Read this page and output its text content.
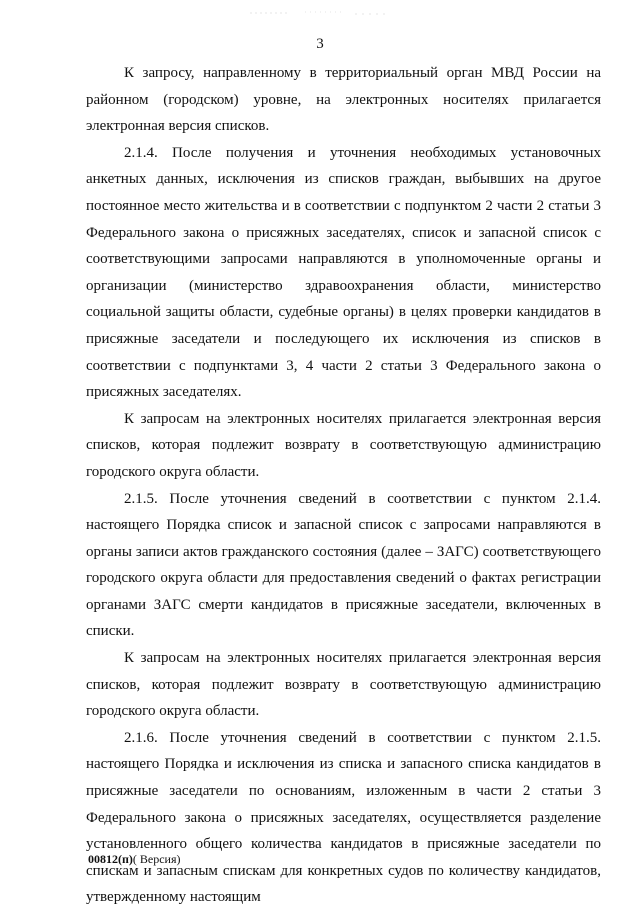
3

К запросу, направленному в территориальный орган МВД России на районном (городском) уровне, на электронных носителях прилагается электронная версия списков.

2.1.4. После получения и уточнения необходимых установочных анкетных данных, исключения из списков граждан, выбывших на другое постоянное место жительства и в соответствии с подпунктом 2 части 2 статьи 3 Федерального закона о присяжных заседателях, список и запасной список с соответствующими запросами направляются в уполномоченные органы и организации (министерство здравоохранения области, министерство социальной защиты области, судебные органы) в целях проверки кандидатов в присяжные заседатели и последующего их исключения из списков в соответствии с подпунктами 3, 4 части 2 статьи 3 Федерального закона о присяжных заседателях.

К запросам на электронных носителях прилагается электронная версия списков, которая подлежит возврату в соответствующую администрацию городского округа области.

2.1.5. После уточнения сведений в соответствии с пунктом 2.1.4. настоящего Порядка список и запасной список с запросами направляются в органы записи актов гражданского состояния (далее – ЗАГС) соответствующего городского округа области для предоставления сведений о фактах регистрации органами ЗАГС смерти кандидатов в присяжные заседатели, включенных в списки.

К запросам на электронных носителях прилагается электронная версия списков, которая подлежит возврату в соответствующую администрацию городского округа области.

2.1.6. После уточнения сведений в соответствии с пунктом 2.1.5. настоящего Порядка и исключения из списка и запасного списка кандидатов в присяжные заседатели по основаниям, изложенным в части 2 статьи 3 Федерального закона о присяжных заседателях, осуществляется разделение установленного общего количества кандидатов в присяжные заседатели по спискам и запасным спискам для конкретных судов по количеству кандидатов, утвержденному настоящим

00812(п)( Версия)
